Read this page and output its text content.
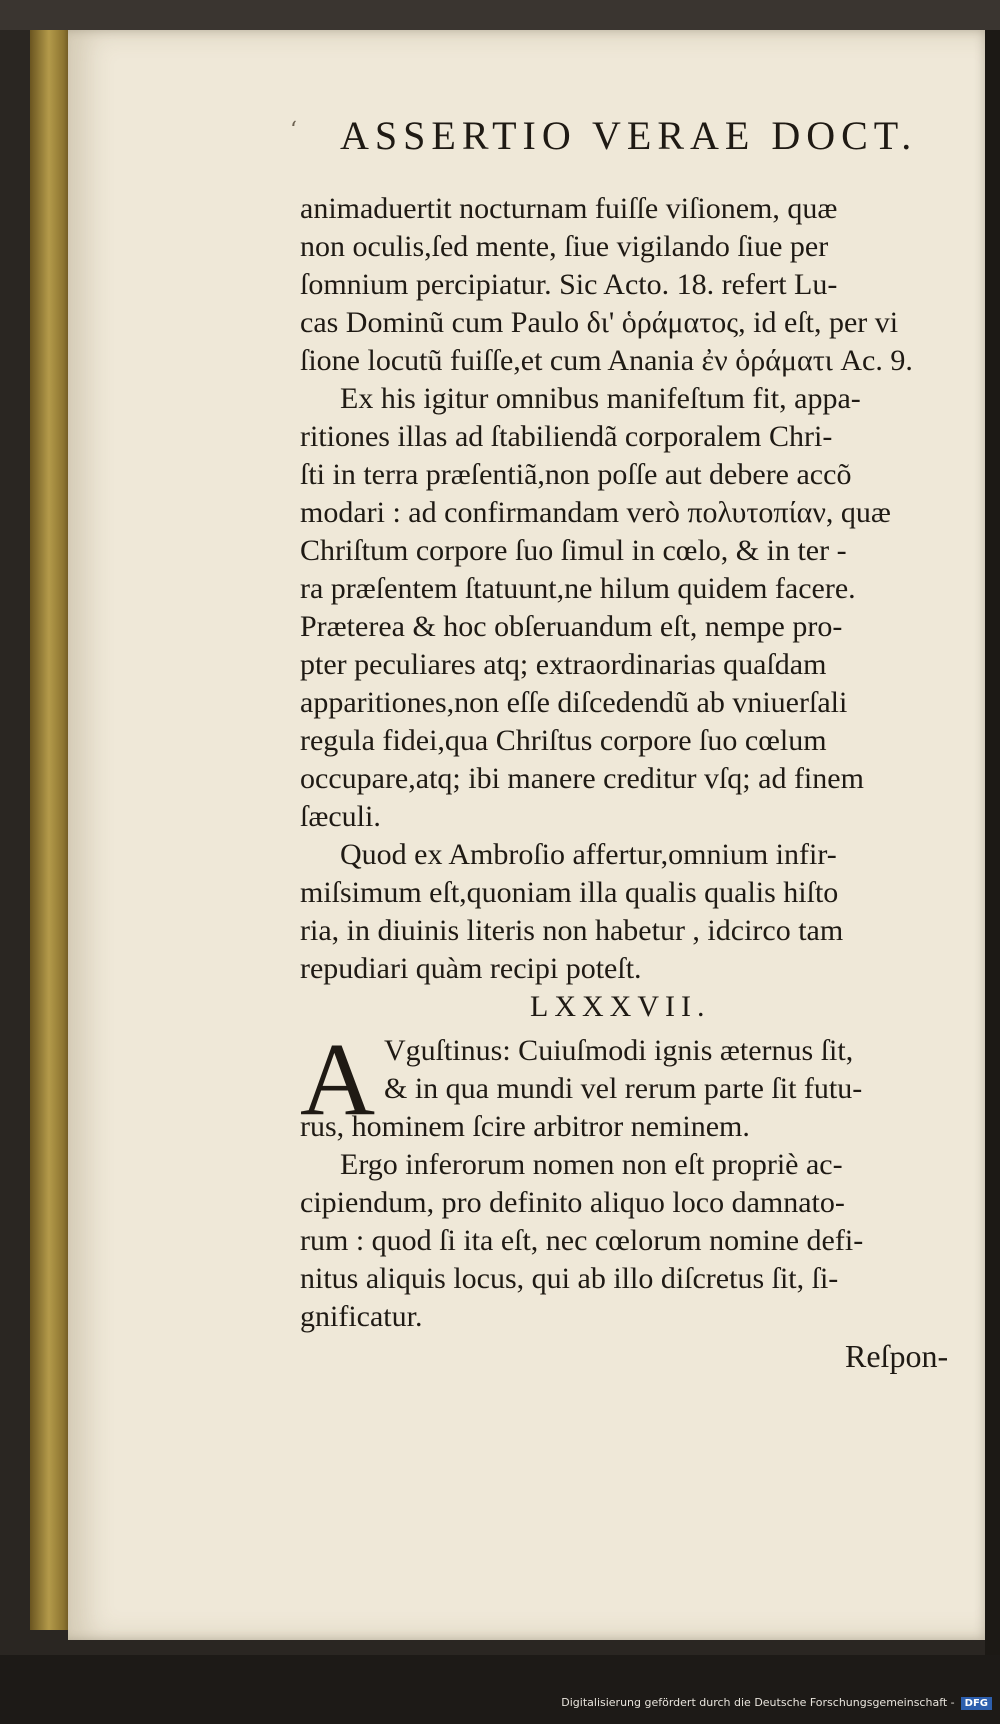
‘ ASSERTIO VERAE DOCT.
animaduertit nocturnam fuiſſe viſionem, quæ
non oculis,ſed mente, ſiue vigilando ſiue per
ſomnium percipiatur. Sic Acto. 18. refert Lu-
cas Dominũ cum Paulo δι' ὁράματος, id eſt, per vi
ſione locutũ fuiſſe,et cum Anania ἐν ὁράματι Ac. 9.
Ex his igitur omnibus manifeſtum fit, appa-
ritiones illas ad ſtabiliendã corporalem Chri-
ſti in terra præſentiã,non poſſe aut debere accõ
modari : ad confirmandam verò πολυτοπίαν, quæ
Chriſtum corpore ſuo ſimul in cœlo, & in ter -
ra præſentem ſtatuunt,ne hilum quidem facere.
Præterea & hoc obſeruandum eſt, nempe pro-
pter peculiares atq; extraordinarias quaſdam
apparitiones,non eſſe diſcedendũ ab vniuerſali
regula fidei,qua Chriſtus corpore ſuo cœlum
occupare,atq; ibi manere creditur vſq; ad finem
ſæculi.
Quod ex Ambroſio affertur,omnium infir-
miſsimum eſt,quoniam illa qualis qualis hiſto
ria, in diuinis literis non habetur , idcirco tam
repudiari quàm recipi poteſt.
LXXXVII.
A Vguſtinus: Cuiuſmodi ignis æternus ſit,
& in qua mundi vel rerum parte ſit futu-
rus, hominem ſcire arbitror neminem.
Ergo inferorum nomen non eſt propriè ac-
cipiendum, pro definito aliquo loco damnato-
rum : quod ſi ita eſt, nec cœlorum nomine defi-
nitus aliquis locus, qui ab illo diſcretus ſit, ſi-
gnificatur.
Reſpon-
Digitalisierung gefördert durch die Deutsche Forschungsgemeinschaft - DFG
